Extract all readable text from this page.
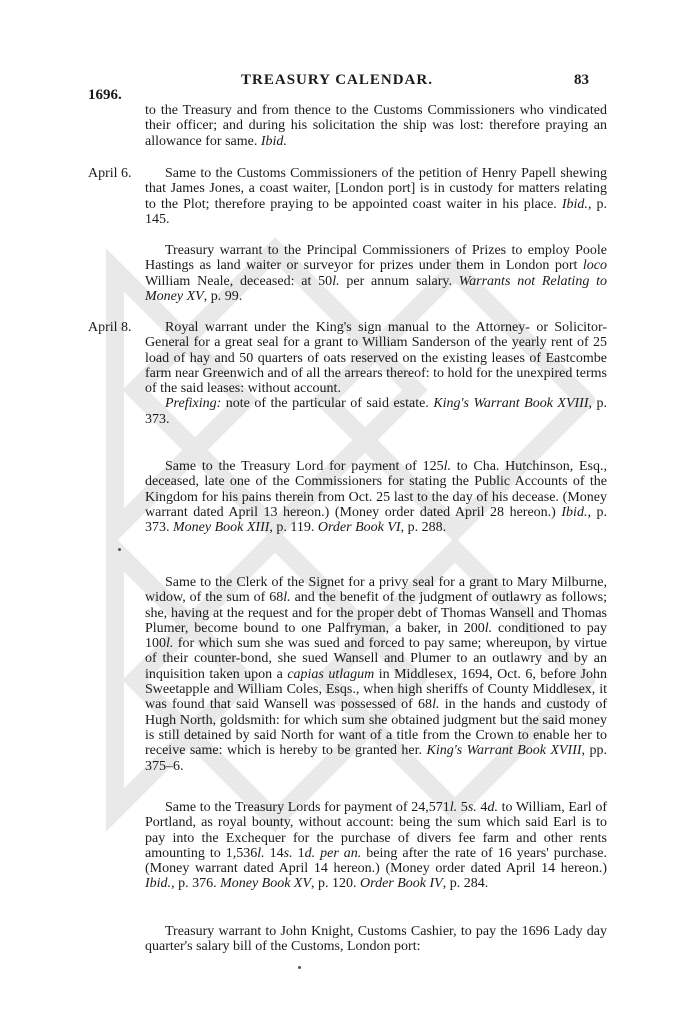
1696.
TREASURY CALENDAR.	83

to the Treasury and from thence to the Customs Commissioners who vindicated their officer; and during his solicitation the ship was lost: therefore praying an allowance for same. Ibid.

April 6.	Same to the Customs Commissioners of the petition of Henry Papell shewing that James Jones, a coast waiter, [London port] is in custody for matters relating to the Plot; therefore praying to be appointed coast waiter in his place. Ibid., p. 145.

Treasury warrant to the Principal Commissioners of Prizes to employ Poole Hastings as land waiter or surveyor for prizes under them in London port loco William Neale, deceased: at 50l. per annum salary. Warrants not Relating to Money XV, p. 99.

April 8.	Royal warrant under the King's sign manual to the Attorney- or Solicitor-General for a great seal for a grant to William Sanderson of the yearly rent of 25 load of hay and 50 quarters of oats reserved on the existing leases of Eastcombe farm near Greenwich and of all the arrears thereof: to hold for the unexpired terms of the said leases: without account.

Prefixing: note of the particular of said estate. King's Warrant Book XVIII, p. 373.

Same to the Treasury Lord for payment of 125l. to Cha. Hutchinson, Esq., deceased, late one of the Commissioners for stating the Public Accounts of the Kingdom for his pains therein from Oct. 25 last to the day of his decease. (Money warrant dated April 13 hereon.) (Money order dated April 28 hereon.) Ibid., p. 373. Money Book XIII, p. 119. Order Book VI, p. 288.

Same to the Clerk of the Signet for a privy seal for a grant to Mary Milburne, widow, of the sum of 68l. and the benefit of the judgment of outlawry as follows; she, having at the request and for the proper debt of Thomas Wansell and Thomas Plumer, become bound to one Palfryman, a baker, in 200l. conditioned to pay 100l. for which sum she was sued and forced to pay same; whereupon, by virtue of their counter-bond, she sued Wansell and Plumer to an outlawry and by an inquisition taken upon a capias utlagum in Middlesex, 1694, Oct. 6, before John Sweetapple and William Coles, Esqs., when high sheriffs of County Middlesex, it was found that said Wansell was possessed of 68l. in the hands and custody of Hugh North, goldsmith: for which sum she obtained judgment but the said money is still detained by said North for want of a title from the Crown to enable her to receive same: which is hereby to be granted her. King's Warrant Book XVIII, pp. 375–6.

Same to the Treasury Lords for payment of 24,571l. 5s. 4d. to William, Earl of Portland, as royal bounty, without account: being the sum which said Earl is to pay into the Exchequer for the purchase of divers fee farm and other rents amounting to 1,536l. 14s. 1d. per an. being after the rate of 16 years' purchase. (Money warrant dated April 14 hereon.) (Money order dated April 14 hereon.) Ibid., p. 376. Money Book XV, p. 120. Order Book IV, p. 284.

Treasury warrant to John Knight, Customs Cashier, to pay the 1696 Lady day quarter's salary bill of the Customs, London port:
